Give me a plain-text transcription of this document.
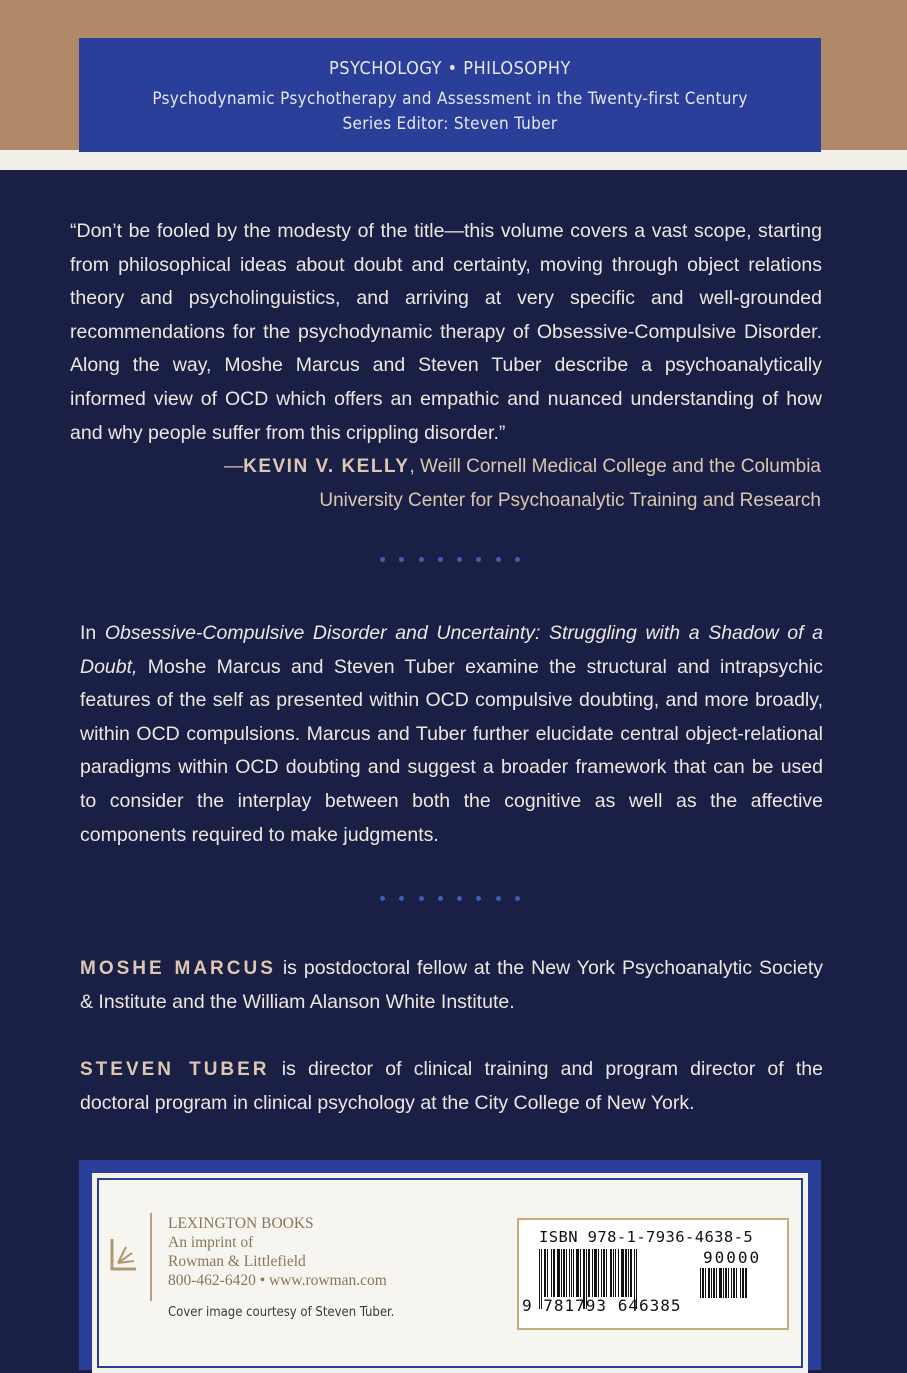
PSYCHOLOGY • PHILOSOPHY
Psychodynamic Psychotherapy and Assessment in the Twenty-first Century
Series Editor: Steven Tuber

“Don’t be fooled by the modesty of the title—this volume covers a vast scope, starting from philosophical ideas about doubt and certainty, moving through object relations theory and psycholinguistics, and arriving at very specific and well-grounded recommendations for the psychodynamic therapy of Obsessive-Compulsive Disorder. Along the way, Moshe Marcus and Steven Tuber describe a psychoanalytically informed view of OCD which offers an empathic and nuanced understanding of how and why people suffer from this crippling disorder.”

—KEVIN V. KELLY, Weill Cornell Medical College and the Columbia University Center for Psychoanalytic Training and Research

In Obsessive-Compulsive Disorder and Uncertainty: Struggling with a Shadow of a Doubt, Moshe Marcus and Steven Tuber examine the structural and intrapsychic features of the self as presented within OCD compulsive doubting, and more broadly, within OCD compulsions. Marcus and Tuber further elucidate central object-relational paradigms within OCD doubting and suggest a broader framework that can be used to consider the interplay between both the cognitive as well as the affective components required to make judgments.

MOSHE MARCUS is postdoctoral fellow at the New York Psychoanalytic Society & Institute and the William Alanson White Institute.

STEVEN TUBER is director of clinical training and program director of the doctoral program in clinical psychology at the City College of New York.

LEXINGTON BOOKS
An imprint of
Rowman & Littlefield
800-462-6420 • www.rowman.com
Cover image courtesy of Steven Tuber.
ISBN 978-1-7936-4638-5
90000
9 781793 646385
